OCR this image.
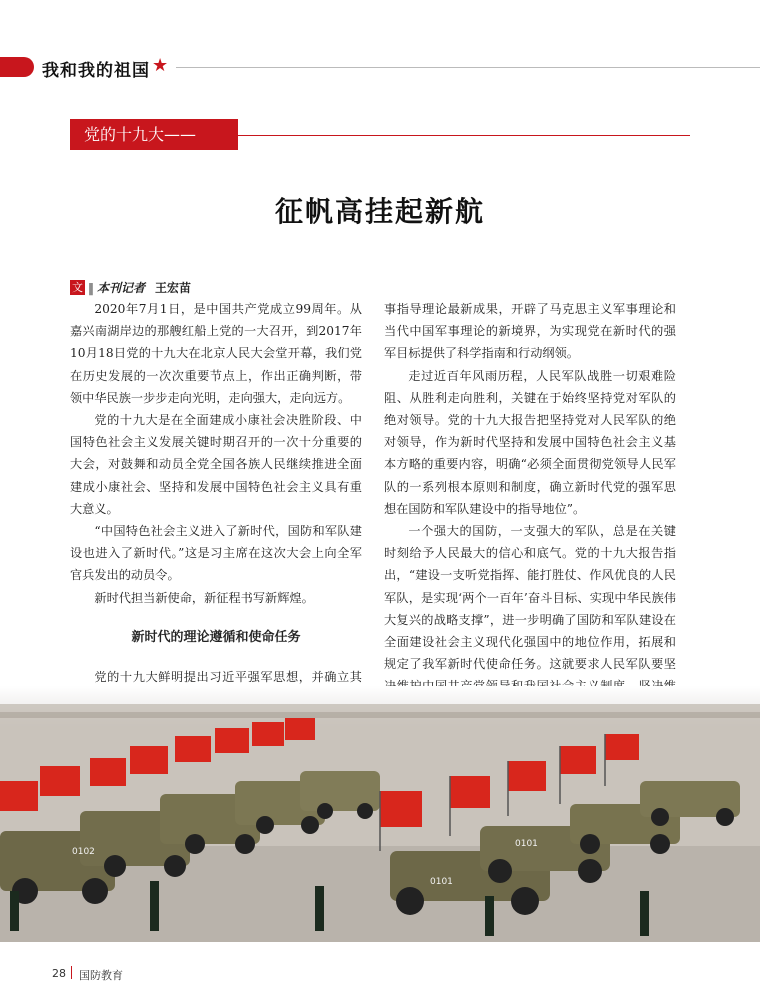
我和我的祖国 ★
党的十九大——
征帆高挂起新航
文 ‖ 本刊记者 王宏苗

2020年7月1日，是中国共产党成立99周年。从嘉兴南湖岸边的那艘红船上党的一大召开，到2017年10月18日党的十九大在北京人民大会堂开幕，我们党在历史发展的一次次重要节点上，作出正确判断，带领中华民族一步步走向光明，走向强大，走向远方。

党的十九大是在全面建成小康社会决胜阶段、中国特色社会主义发展关键时期召开的一次十分重要的大会，对鼓舞和动员全党全国各族人民继续推进全面建成小康社会、坚持和发展中国特色社会主义具有重大意义。

“中国特色社会主义进入了新时代，国防和军队建设也进入了新时代。”这是习主席在这次大会上向全军官兵发出的动员令。

新时代担当新使命，新征程书写新辉煌。

新时代的理论遵循和使命任务

党的十九大鲜明提出习近平强军思想，并确立其

事指导理论最新成果，开辟了马克思主义军事理论和当代中国军事理论的新境界，为实现党在新时代的强军目标提供了科学指南和行动纲领。

走过近百年风雨历程，人民军队战胜一切艰难险阻、从胜利走向胜利，关键在于始终坚持党对军队的绝对领导。党的十九大报告把坚持党对人民军队的绝对领导，作为新时代坚持和发展中国特色社会主义基本方略的重要内容，明确“必须全面贯彻党领导人民军队的一系列根本原则和制度，确立新时代党的强军思想在国防和军队建设中的指导地位”。

一个强大的国防，一支强大的军队，总是在关键时刻给予人民最大的信心和底气。党的十九大报告指出，“建设一支听党指挥、能打胜仗、作风优良的人民军队，是实现‘两个一百年’奋斗目标、实现中华民族伟大复兴的战略支撑”，进一步明确了国防和军队建设在全面建设社会主义现代化强国中的地位作用，拓展和规定了我军新时代使命任务。这就要求人民军队要坚

0102
0101
0101
28 国防教育
